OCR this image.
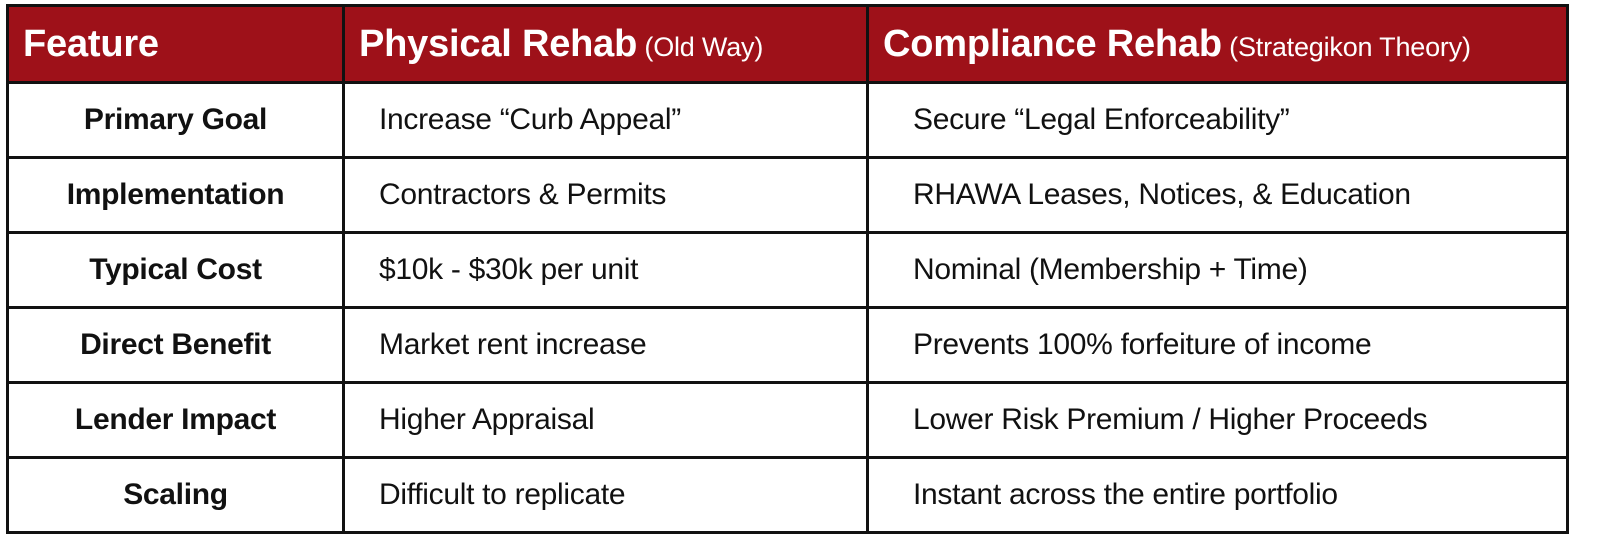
Feature	Physical Rehab (Old Way)	Compliance Rehab (Strategikon Theory)
Primary Goal	Increase “Curb Appeal”	Secure “Legal Enforceability”
Implementation	Contractors & Permits	RHAWA Leases, Notices, & Education
Typical Cost	$10k - $30k per unit	Nominal (Membership + Time)
Direct Benefit	Market rent increase	Prevents 100% forfeiture of income
Lender Impact	Higher Appraisal	Lower Risk Premium / Higher Proceeds
Scaling	Difficult to replicate	Instant across the entire portfolio
